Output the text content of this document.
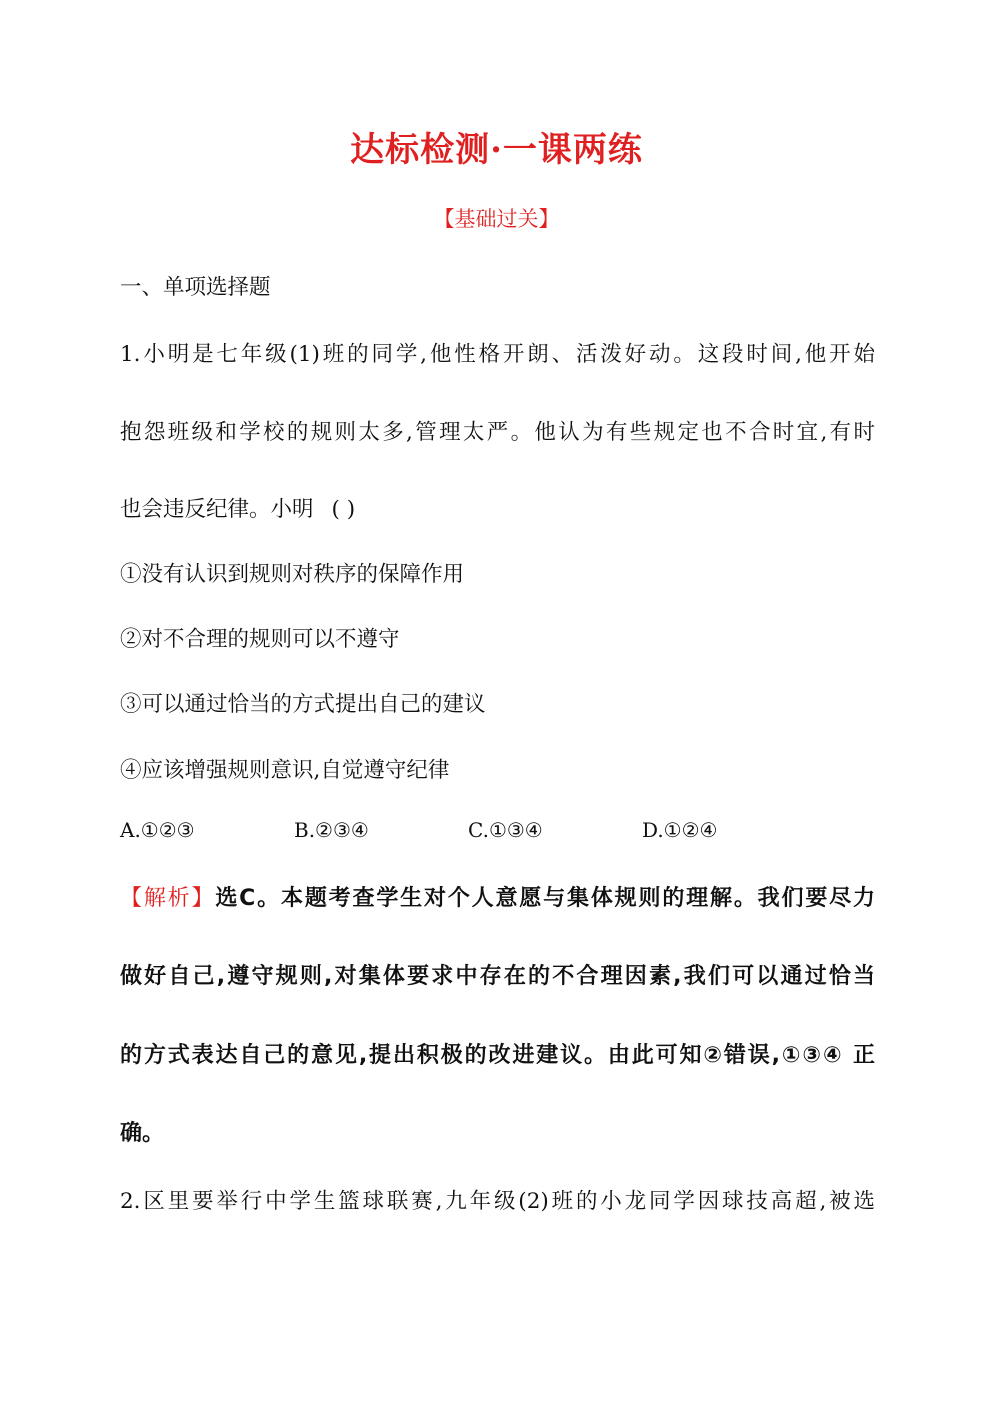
达标检测·一课两练
【基础过关】
一、单项选择题
1.小明是七年级(1)班的同学,他性格开朗、活泼好动。这段时间,他开始
抱怨班级和学校的规则太多,管理太严。他认为有些规定也不合时宜,有时
也会违反纪律。小明 ( )
①没有认识到规则对秩序的保障作用
②对不合理的规则可以不遵守
③可以通过恰当的方式提出自己的建议
④应该增强规则意识,自觉遵守纪律
A.①②③	B.②③④	C.①③④	D.①②④
【解析】选C。本题考查学生对个人意愿与集体规则的理解。我们要尽力
做好自己,遵守规则,对集体要求中存在的不合理因素,我们可以通过恰当
的方式表达自己的意见,提出积极的改进建议。由此可知②错误,①③④ 正
确。
2.区里要举行中学生篮球联赛,九年级(2)班的小龙同学因球技高超,被选
